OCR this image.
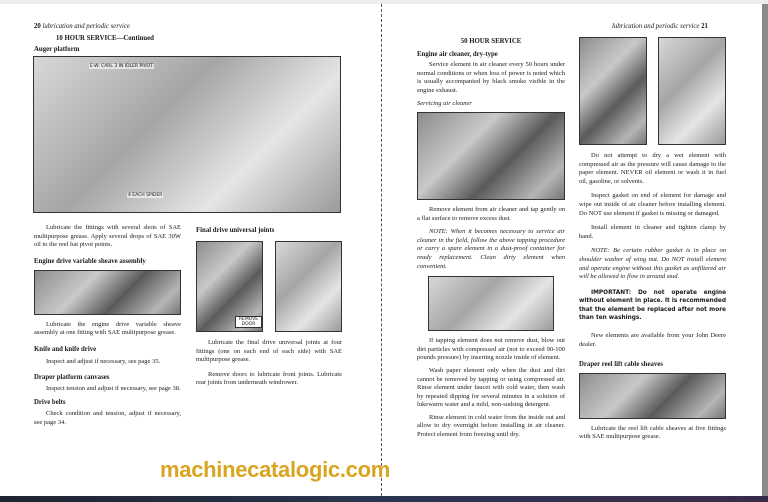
20 lubrication and periodic service
10 HOUR SERVICE—Continued
Auger platform
E-W. CARL 3 IN IDLER PIVOT
4 EACH SPIDER
Lubricate the fittings with several shots of SAE multipurpose grease. Apply several drops of SAE 30W oil to the reel bat pivot points.
Engine drive variable sheave assembly
Lubricate the engine drive variable sheave assembly at one fitting with SAE multipurpose grease.
Knife and knife drive
Inspect and adjust if necessary, see page 35.
Draper platform canvases
Inspect tension and adjust if necessary, see page 38.
Drive belts
Check condition and tension, adjust if necessary, see page 34.
Final drive universal joints
REMOVE DOOR
Lubricate the final drive universal joints at four fittings (one on each end of each side) with SAE multipurpose grease.
Remove doors to lubricate front joints. Lubricate rear joints from underneath windrower.
lubrication and periodic service 21
50 HOUR SERVICE
Engine air cleaner, dry-type
Service element in air cleaner every 50 hours under normal conditions or when loss of power is noted which is usually accompanied by black smoke visible in the engine exhaust.
Servicing air cleaner
Remove element from air cleaner and tap gently on a flat surface to remove excess dust.
NOTE: When it becomes necessary to service air cleaner in the field, follow the above tapping procedure or carry a spare element in a dust-proof container for ready replacement. Clean dirty element when convenient.
If tapping element does not remove dust, blow out dirt particles with compressed air (not to exceed 90-100 pounds pressure) by inserting nozzle inside of element.
Wash paper element only when the dust and dirt cannot be removed by tapping or using compressed air. Rinse element under faucet with cold water, then wash by repeated dipping for several minutes in a solution of lukewarm water and a mild, non-sudsing detergent.
Rinse element in cold water from the inside out and allow to dry overnight before installing in air cleaner. Protect element from freezing until dry.
Do not attempt to dry a wet element with compressed air as the pressure will cause damage to the paper element. NEVER oil element or wash it in fuel oil, gasoline, or solvents.
Inspect gasket on end of element for damage and wipe out inside of air cleaner before installing element. Do NOT use element if gasket is missing or damaged.
Install element in cleaner and tighten clamp by hand.
NOTE: Be certain rubber gasket is in place on shoulder washer of wing nut. Do NOT install element and operate engine without this gasket as unfiltered air will be allowed to flow in around stud.
IMPORTANT: Do not operate engine without element in place. It is recommended that the element be replaced after not more than ten washings.
New elements are available from your John Deere dealer.
Draper reel lift cable sheaves
Lubricate the reel lift cable sheaves at five fittings with SAE multipurpose grease.
machinecatalogic.com
